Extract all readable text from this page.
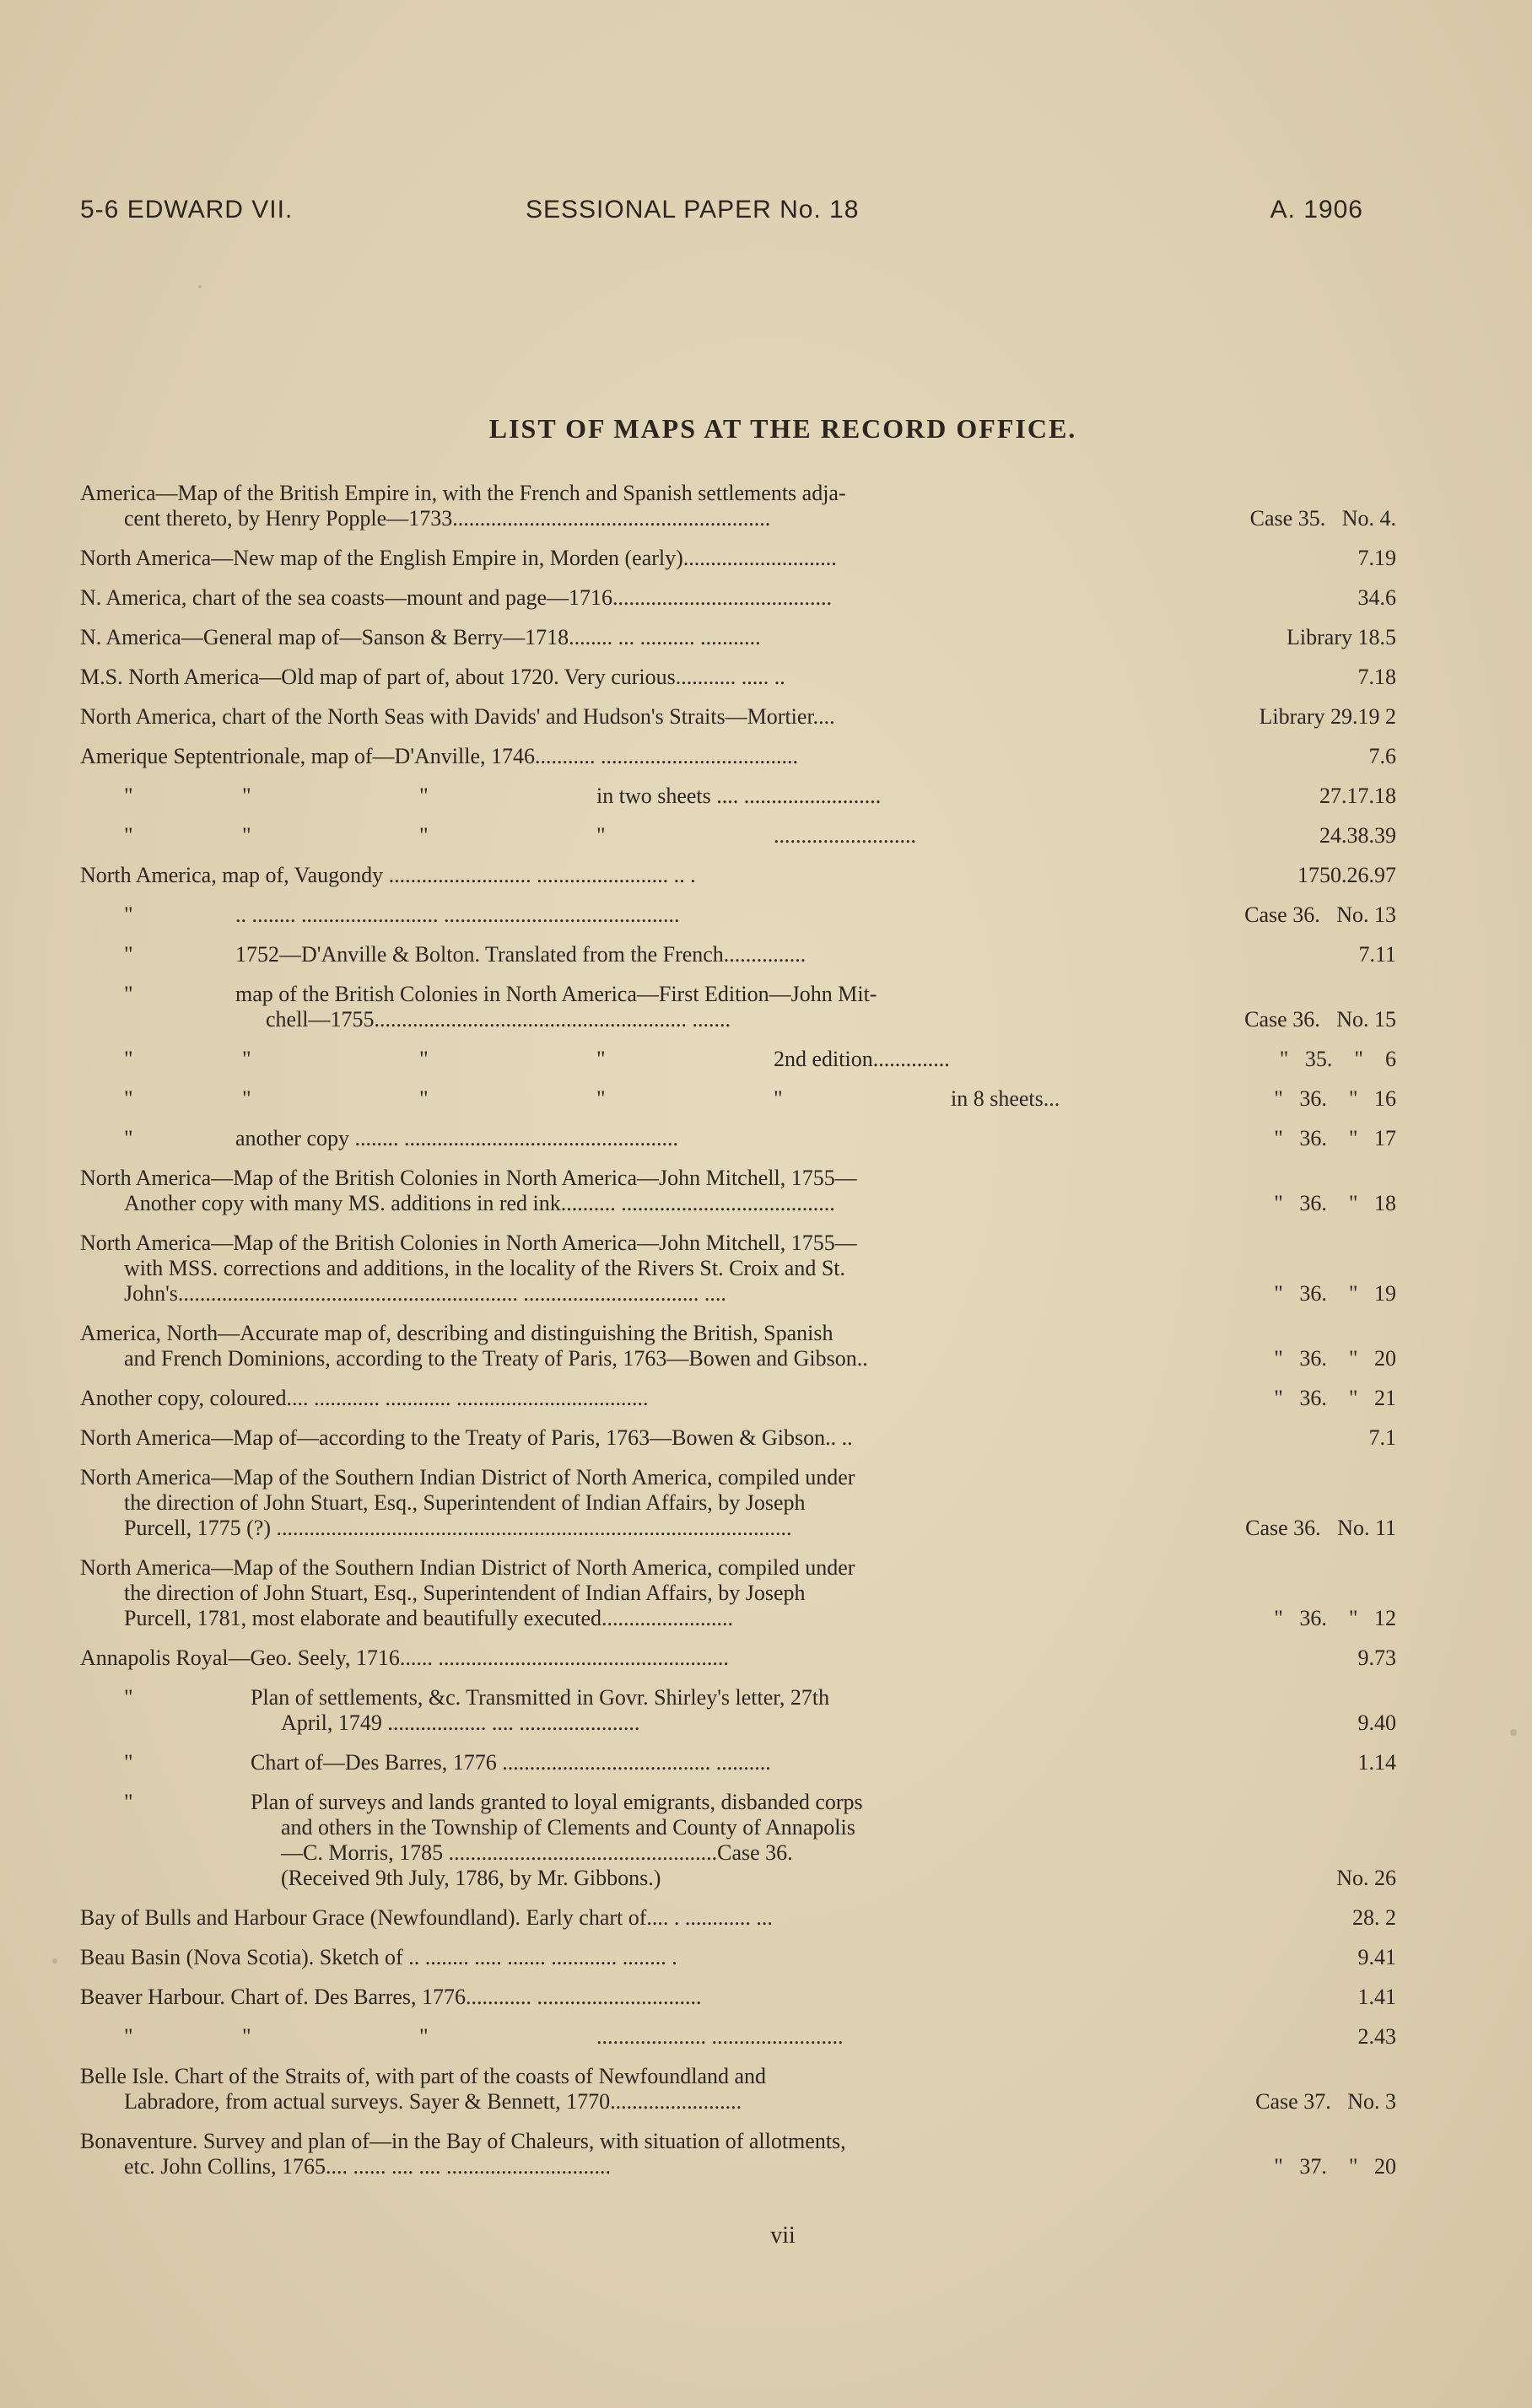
5-6 EDWARD VII.	SESSIONAL PAPER No. 18	A. 1906
LIST OF MAPS AT THE RECORD OFFICE.
America—Map of the British Empire in, with the French and Spanish settlements adja-
cent thereto, by Henry Popple—1733..........................................................	Case 35.   No. 4.
North America—New map of the English Empire in, Morden (early)............................	7.19
N. America, chart of the sea coasts—mount and page—1716........................................	34.6
N. America—General map of—Sanson & Berry—1718........ ... .......... ...........	Library 18.5
M.S. North America—Old map of part of, about 1720. Very curious........... ..... ..	7.18
North America, chart of the North Seas with Davids' and Hudson's Straits—Mortier....	Library 29.19 2
Amerique Septentrionale, map of—D'Anville, 1746........... ....................................	7.6
"	"	"	in two sheets .... .........................	27.17.18
"	"	"	"	..........................	24.38.39
North America, map of, Vaugondy .......................... ........................ .. .	1750.26.97
"	.. ........ ......................... ...........................................	Case 36.   No. 13
"	1752—D'Anville & Bolton. Translated from the French...............	7.11
"	map of the British Colonies in North America—First Edition—John Mit-
chell—1755......................................................... .......	Case 36.   No. 15
"	"	"	"	2nd edition..............	"   35.    "    6
"	"	"	"	"	in 8 sheets...	"   36.    "   16
"	another copy ........ ..................................................	"   36.    "   17
North America—Map of the British Colonies in North America—John Mitchell, 1755—
Another copy with many MS. additions in red ink.......... .......................................	"   36.    "   18
North America—Map of the British Colonies in North America—John Mitchell, 1755—
with MSS. corrections and additions, in the locality of the Rivers St. Croix and St.
John's.............................................................. ................................ ....	"   36.    "   19
America, North—Accurate map of, describing and distinguishing the British, Spanish
and French Dominions, according to the Treaty of Paris, 1763—Bowen and Gibson..	"   36.    "   20
Another copy, coloured.... ............ ............ ...................................	"   36.    "   21
North America—Map of—according to the Treaty of Paris, 1763—Bowen & Gibson.. ..	7.1
North America—Map of the Southern Indian District of North America, compiled under
the direction of John Stuart, Esq., Superintendent of Indian Affairs, by Joseph
Purcell, 1775 (?) ..............................................................................................	Case 36.   No. 11
North America—Map of the Southern Indian District of North America, compiled under
the direction of John Stuart, Esq., Superintendent of Indian Affairs, by Joseph
Purcell, 1781, most elaborate and beautifully executed........................	"   36.    "   12
Annapolis Royal—Geo. Seely, 1716...... .....................................................	9.73
"	Plan of settlements, &c. Transmitted in Govr. Shirley's letter, 27th
April, 1749 .................. .... ......................	9.40
"	Chart of—Des Barres, 1776 ...................................... ..........	1.14
"	Plan of surveys and lands granted to loyal emigrants, disbanded corps
and others in the Township of Clements and County of Annapolis
—C. Morris, 1785 .................................................Case 36.
(Received 9th July, 1786, by Mr. Gibbons.)	No. 26
Bay of Bulls and Harbour Grace (Newfoundland). Early chart of.... . ............ ...	28. 2
Beau Basin (Nova Scotia). Sketch of .. ........ ..... ....... ............ ........ .	9.41
Beaver Harbour. Chart of. Des Barres, 1776............ ..............................	1.41
"	"	"	.................... ........................	2.43
Belle Isle. Chart of the Straits of, with part of the coasts of Newfoundland and
Labradore, from actual surveys. Sayer & Bennett, 1770........................	Case 37.   No. 3
Bonaventure. Survey and plan of—in the Bay of Chaleurs, with situation of allotments,
etc. John Collins, 1765.... ...... .... .... ..............................	"   37.    "   20
vii
